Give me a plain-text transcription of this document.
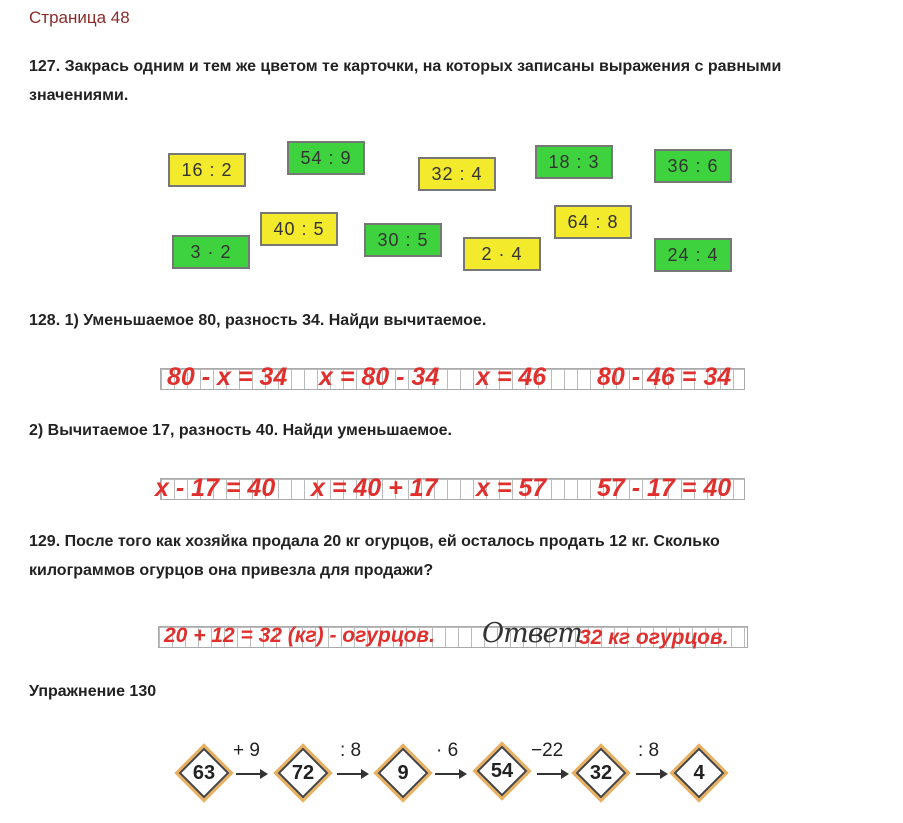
Страница 48
127. Закрась одним и тем же цветом те карточки, на которых записаны выражения с равными
значениями.
16 : 2
54 : 9
32 : 4
18 : 3	36 : 6
40 : 5
30 : 5
64 : 8
3 · 2	2 · 4	24 : 4
128. 1) Уменьшаемое 80, разность 34. Найди вычитаемое.
80 - x = 34 x = 80 - 34 x = 46 80 - 46 = 34
2) Вычитаемое 17, разность 40. Найди уменьшаемое.
x - 17 = 40 x = 40 + 17 x = 57 57 - 17 = 40
129. После того как хозяйка продала 20 кг огурцов, ей осталось продать 12 кг. Сколько
килограммов огурцов она привезла для продажи?
20 + 12 = 32 (кг) - огурцов. Ответ
32 кг огурцов.
Упражнение 130
63
+ 9
72
: 8
9
· 6
54
−22
32
: 8
4
